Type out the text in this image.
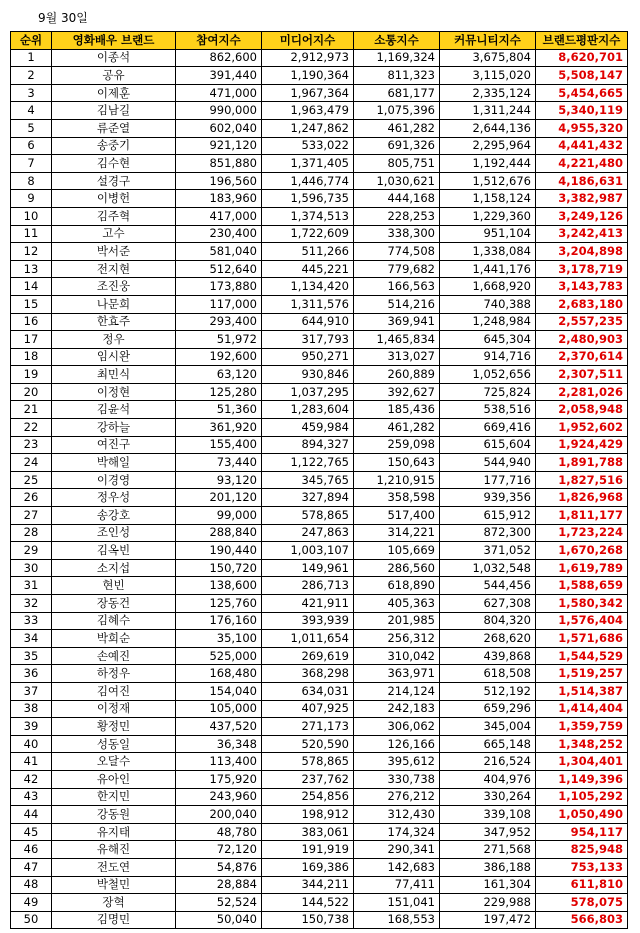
9월 30일
순위	영화배우 브랜드	참여지수	미디어지수	소통지수	커뮤니티지수	브랜드평판지수
1	이종석	862,600	2,912,973	1,169,324	3,675,804	8,620,701
2	공유	391,440	1,190,364	811,323	3,115,020	5,508,147
3	이제훈	471,000	1,967,364	681,177	2,335,124	5,454,665
4	김남길	990,000	1,963,479	1,075,396	1,311,244	5,340,119
5	류준열	602,040	1,247,862	461,282	2,644,136	4,955,320
6	송중기	921,120	533,022	691,326	2,295,964	4,441,432
7	김수현	851,880	1,371,405	805,751	1,192,444	4,221,480
8	설경구	196,560	1,446,774	1,030,621	1,512,676	4,186,631
9	이병헌	183,960	1,596,735	444,168	1,158,124	3,382,987
10	김주혁	417,000	1,374,513	228,253	1,229,360	3,249,126
11	고수	230,400	1,722,609	338,300	951,104	3,242,413
12	박서준	581,040	511,266	774,508	1,338,084	3,204,898
13	전지현	512,640	445,221	779,682	1,441,176	3,178,719
14	조진웅	173,880	1,134,420	166,563	1,668,920	3,143,783
15	나문희	117,000	1,311,576	514,216	740,388	2,683,180
16	한효주	293,400	644,910	369,941	1,248,984	2,557,235
17	정우	51,972	317,793	1,465,834	645,304	2,480,903
18	임시완	192,600	950,271	313,027	914,716	2,370,614
19	최민식	63,120	930,846	260,889	1,052,656	2,307,511
20	이정현	125,280	1,037,295	392,627	725,824	2,281,026
21	김윤석	51,360	1,283,604	185,436	538,516	2,058,948
22	강하늘	361,920	459,984	461,282	669,416	1,952,602
23	여진구	155,400	894,327	259,098	615,604	1,924,429
24	박해일	73,440	1,122,765	150,643	544,940	1,891,788
25	이경영	93,120	345,765	1,210,915	177,716	1,827,516
26	정우성	201,120	327,894	358,598	939,356	1,826,968
27	송강호	99,000	578,865	517,400	615,912	1,811,177
28	조인성	288,840	247,863	314,221	872,300	1,723,224
29	김옥빈	190,440	1,003,107	105,669	371,052	1,670,268
30	소지섭	150,720	149,961	286,560	1,032,548	1,619,789
31	현빈	138,600	286,713	618,890	544,456	1,588,659
32	장동건	125,760	421,911	405,363	627,308	1,580,342
33	김혜수	176,160	393,939	201,985	804,320	1,576,404
34	박희순	35,100	1,011,654	256,312	268,620	1,571,686
35	손예진	525,000	269,619	310,042	439,868	1,544,529
36	하정우	168,480	368,298	363,971	618,508	1,519,257
37	김여진	154,040	634,031	214,124	512,192	1,514,387
38	이정재	105,000	407,925	242,183	659,296	1,414,404
39	황정민	437,520	271,173	306,062	345,004	1,359,759
40	성동일	36,348	520,590	126,166	665,148	1,348,252
41	오달수	113,400	578,865	395,612	216,524	1,304,401
42	유아인	175,920	237,762	330,738	404,976	1,149,396
43	한지민	243,960	254,856	276,212	330,264	1,105,292
44	강동원	200,040	198,912	312,430	339,108	1,050,490
45	유지태	48,780	383,061	174,324	347,952	954,117
46	유해진	72,120	191,919	290,341	271,568	825,948
47	전도연	54,876	169,386	142,683	386,188	753,133
48	박철민	28,884	344,211	77,411	161,304	611,810
49	장혁	52,524	144,522	151,041	229,988	578,075
50	김명민	50,040	150,738	168,553	197,472	566,803
